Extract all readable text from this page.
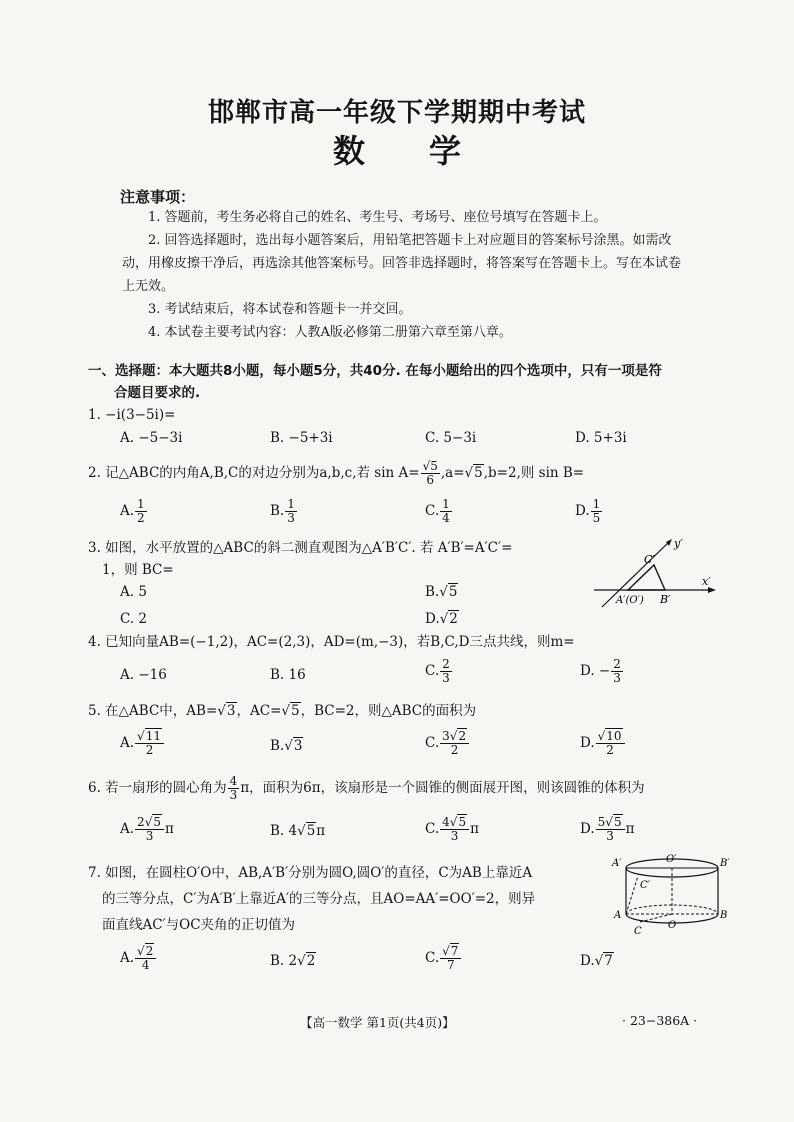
邯郸市高一年级下学期期中考试
数学
注意事项：

1. 答题前，考生务必将自己的姓名、考生号、考场号、座位号填写在答题卡上。

2. 回答选择题时，选出每小题答案后，用铅笔把答题卡上对应题目的答案标号涂黑。如需改动，用橡皮擦干净后，再选涂其他答案标号。回答非选择题时，将答案写在答题卡上。写在本试卷上无效。

3. 考试结束后，将本试卷和答题卡一并交回。

4. 本试卷主要考试内容：人教A版必修第二册第六章至第八章。

一、选择题：本大题共8小题，每小题5分，共40分. 在每小题给出的四个选项中，只有一项是符
合题目要求的.
1. −i(3−5i)=
A. −5−3i	B. −5+3i	C. 5−3i	D. 5+3i
2. 记△ABC的内角A,B,C的对边分别为a,b,c,若 $\sin A= \frac{√5}{6} ,a=√5,b=2$,则 sin B=
A. $\frac{1}{2}$	B. $\frac{1}{3}$	C. $\frac{1}{4}$	D. $\frac{1}{5}$
3. 如图，水平放置的△ABC的斜二测直观图为△A′B′C′. 若 A′B′=A′C′=
1，则 BC=
A. 5	B.√5
C. 2	D.√2
y′
x′
C′
A′(O′) B′
4. 已知向量AB=(−1,2)，AC=(2,3)，AD=(m,−3)，若B,C,D三点共线，则m=
A. −16	B. 16	C. $\frac{2}{3}$	D. − $\frac{2}{3}$
5. 在△ABC中，AB=√3，AC=√5，BC=2，则△ABC的面积为
A. $\frac{√11}{2}$	B.√3	C. $\frac{3√2}{2}$	D. $\frac{√10}{2}$
6. 若一扇形的圆心角为 $\frac{4}{3}$ π，面积为6π，该扇形是一个圆锥的侧面展开图，则该圆锥的体积为
A. $\frac{2√5}{3}$ π	B. 4√5π	C. $\frac{4√5}{3}$ π	D. $\frac{5√5}{3}$ π
7. 如图，在圆柱O′O中，AB,A′B′分别为圆O,圆O′的直径，C为AB上靠近A
的三等分点，C′为A′B′上靠近A′的三等分点，且AO=AA′=OO′=2，则异
面直线AC′与OC夹角的正切值为
A. $\frac{√2}{4}$	B. 2√2	C. $\frac{√7}{7}$	D.√7
A′	O′	B′
C′
A
O
B
C
【高一数学 第1页(共4页)】	· 23−386A ·
